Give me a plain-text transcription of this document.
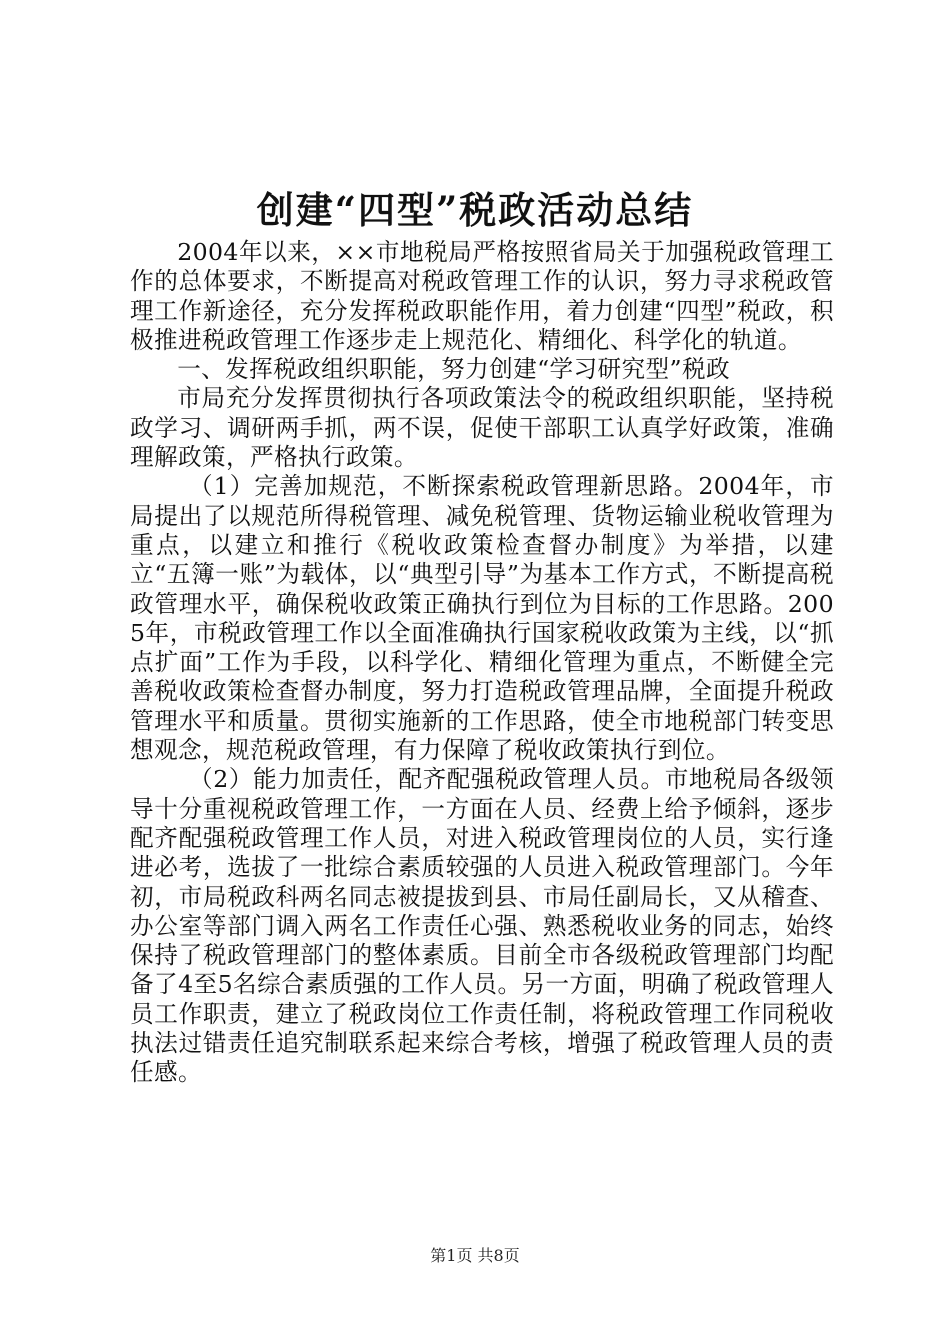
创建“四型”税政活动总结

2004年以来，××市地税局严格按照省局关于加强税政管理工作的总体要求，不断提高对税政管理工作的认识，努力寻求税政管理工作新途径，充分发挥税政职能作用，着力创建“四型”税政，积极推进税政管理工作逐步走上规范化、精细化、科学化的轨道。

一、发挥税政组织职能，努力创建“学习研究型”税政

市局充分发挥贯彻执行各项政策法令的税政组织职能，坚持税政学习、调研两手抓，两不误，促使干部职工认真学好政策，准确理解政策，严格执行政策。

（1）完善加规范，不断探索税政管理新思路。2004年，市局提出了以规范所得税管理、减免税管理、货物运输业税收管理为重点，以建立和推行《税收政策检查督办制度》为举措，以建立“五簿一账”为载体，以“典型引导”为基本工作方式，不断提高税政管理水平，确保税收政策正确执行到位为目标的工作思路。2005年，市税政管理工作以全面准确执行国家税收政策为主线，以“抓点扩面”工作为手段，以科学化、精细化管理为重点，不断健全完善税收政策检查督办制度，努力打造税政管理品牌，全面提升税政管理水平和质量。贯彻实施新的工作思路，使全市地税部门转变思想观念，规范税政管理，有力保障了税收政策执行到位。

（2）能力加责任，配齐配强税政管理人员。市地税局各级领导十分重视税政管理工作，一方面在人员、经费上给予倾斜，逐步配齐配强税政管理工作人员，对进入税政管理岗位的人员，实行逢进必考，选拔了一批综合素质较强的人员进入税政管理部门。今年初，市局税政科两名同志被提拔到县、市局任副局长，又从稽查、办公室等部门调入两名工作责任心强、熟悉税收业务的同志，始终保持了税政管理部门的整体素质。目前全市各级税政管理部门均配备了4至5名综合素质强的工作人员。另一方面，明确了税政管理人员工作职责，建立了税政岗位工作责任制，将税政管理工作同税收执法过错责任追究制联系起来综合考核，增强了税政管理人员的责任感。

第1页 共8页
